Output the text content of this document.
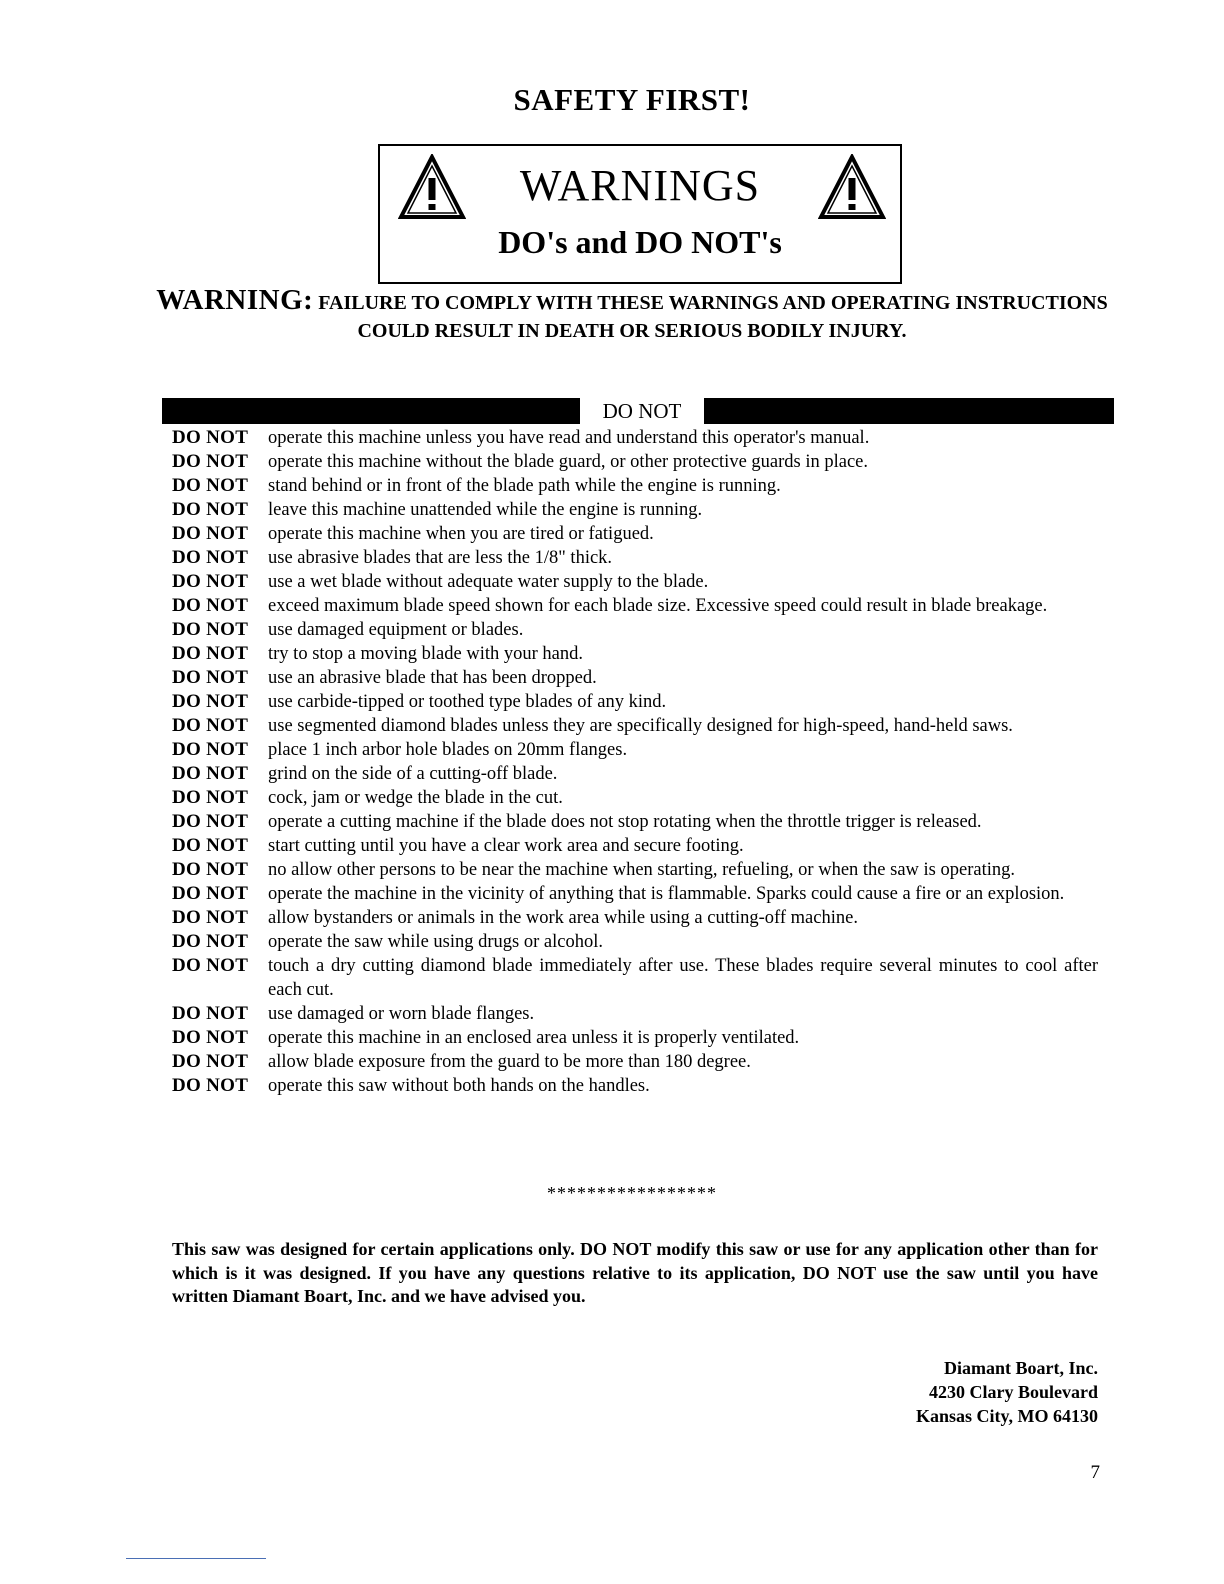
SAFETY FIRST!
WARNINGS
DO's and DO NOT's
WARNING: FAILURE TO COMPLY WITH THESE WARNINGS AND OPERATING INSTRUCTIONS COULD RESULT IN DEATH OR SERIOUS BODILY INJURY.
DO NOT
DO NOT	operate this machine unless you have read and understand this operator's manual.
DO NOT	operate this machine without the blade guard, or other protective guards in place.
DO NOT	stand behind or in front of the blade path while the engine is running.
DO NOT	leave this machine unattended while the engine is running.
DO NOT	operate this machine when you are tired or fatigued.
DO NOT	use abrasive blades that are less the 1/8" thick.
DO NOT	use a wet blade without adequate water supply to the blade.
DO NOT	exceed maximum blade speed shown for each blade size. Excessive speed could result in blade breakage.
DO NOT	use damaged equipment or blades.
DO NOT	try to stop a moving blade with your hand.
DO NOT	use an abrasive blade that has been dropped.
DO NOT	use carbide-tipped or toothed type blades of any kind.
DO NOT	use segmented diamond blades unless they are specifically designed for high-speed, hand-held saws.
DO NOT	place 1 inch arbor hole blades on 20mm flanges.
DO NOT	grind on the side of a cutting-off blade.
DO NOT	cock, jam or wedge the blade in the cut.
DO NOT	operate a cutting machine if the blade does not stop rotating when the throttle trigger is released.
DO NOT	start cutting until you have a clear work area and secure footing.
DO NOT	no allow other persons to be near the machine when starting, refueling, or when the saw is operating.
DO NOT	operate the machine in the vicinity of anything that is flammable. Sparks could cause a fire or an explosion.
DO NOT	allow bystanders or animals in the work area while using a cutting-off machine.
DO NOT	operate the saw while using drugs or alcohol.
DO NOT	touch a dry cutting diamond blade immediately after use. These blades require several minutes to cool after each cut.
DO NOT	use damaged or worn blade flanges.
DO NOT	operate this machine in an enclosed area unless it is properly ventilated.
DO NOT	allow blade exposure from the guard to be more than 180 degree.
DO NOT	operate this saw without both hands on the handles.
*****************
This saw was designed for certain applications only. DO NOT modify this saw or use for any application other than for which is it was designed. If you have any questions relative to its application, DO NOT use the saw until you have written Diamant Boart, Inc. and we have advised you.
Diamant Boart, Inc.
4230 Clary Boulevard
Kansas City, MO 64130
7
